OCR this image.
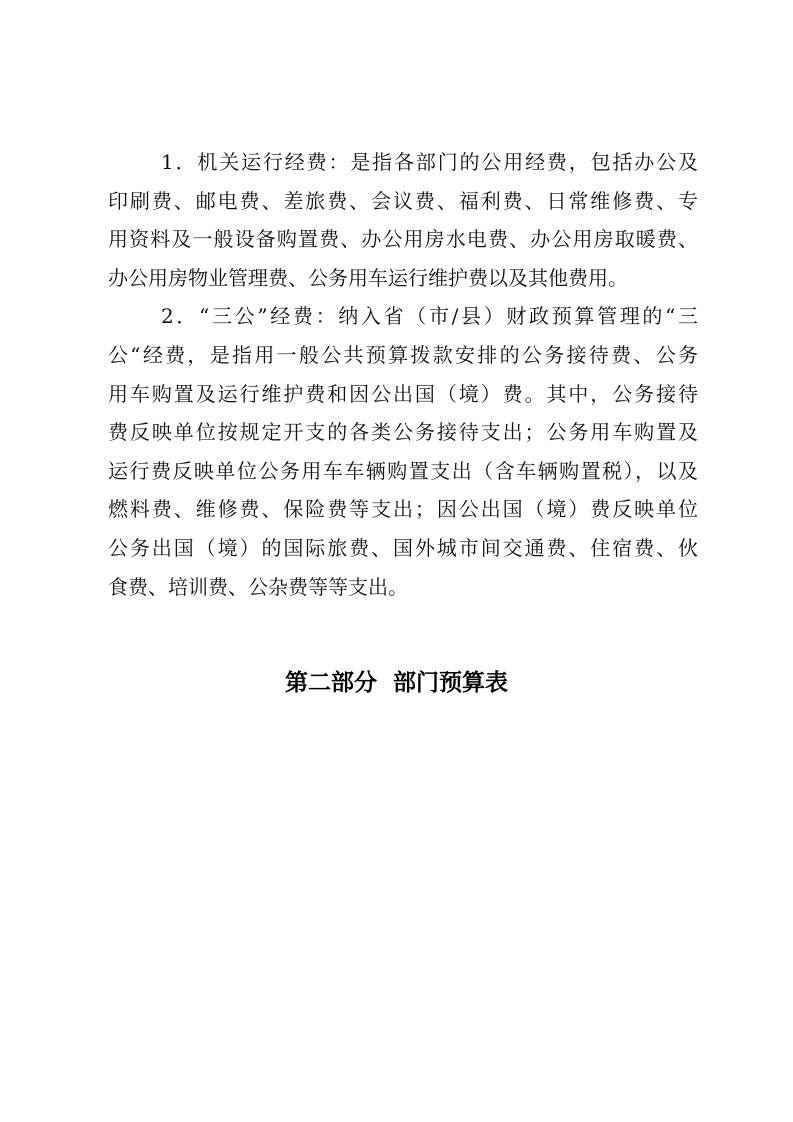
1．机关运行经费：是指各部门的公用经费，包括办公及
印刷费、邮电费、差旅费、会议费、福利费、日常维修费、专
用资料及一般设备购置费、办公用房水电费、办公用房取暖费、
办公用房物业管理费、公务用车运行维护费以及其他费用。
2．“三公”经费：纳入省（市/县）财政预算管理的“三
公“经费，是指用一般公共预算拨款安排的公务接待费、公务
用车购置及运行维护费和因公出国（境）费。其中，公务接待
费反映单位按规定开支的各类公务接待支出；公务用车购置及
运行费反映单位公务用车车辆购置支出（含车辆购置税），以及
燃料费、维修费、保险费等支出；因公出国（境）费反映单位
公务出国（境）的国际旅费、国外城市间交通费、住宿费、伙
食费、培训费、公杂费等等支出。
第二部分  部门预算表
